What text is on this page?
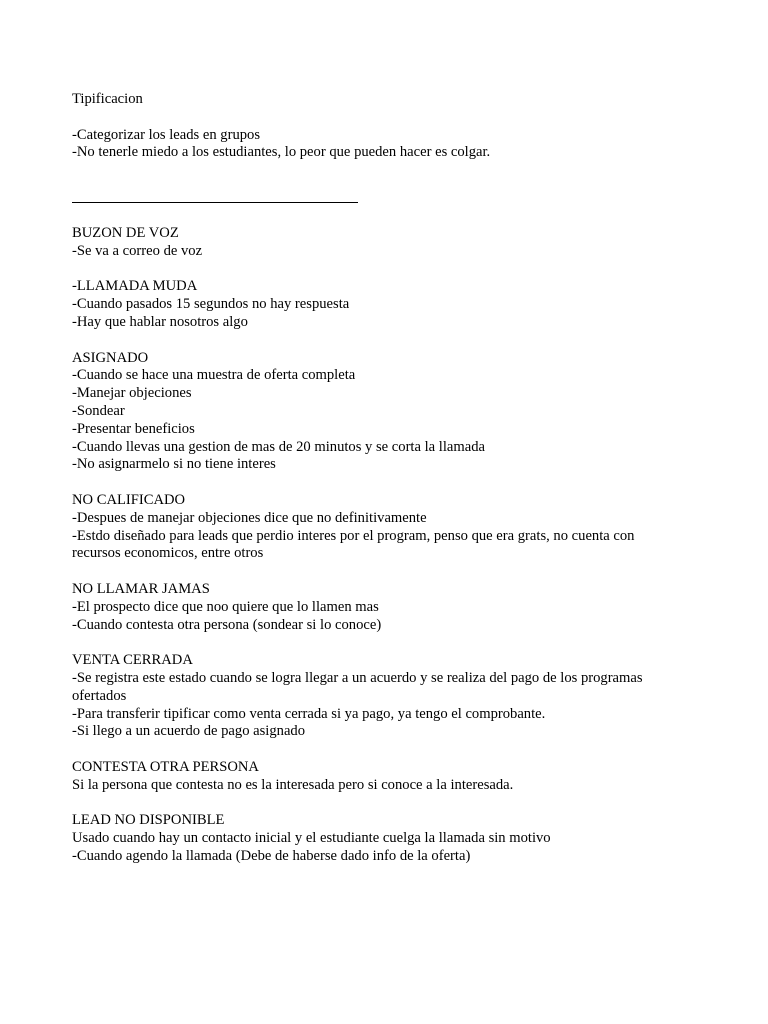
Tipificacion
-Categorizar los leads en grupos
-No tenerle miedo a los estudiantes, lo peor que pueden hacer es colgar.
BUZON DE VOZ
-Se va a correo de voz
-LLAMADA MUDA
-Cuando pasados 15 segundos no hay respuesta
-Hay que hablar nosotros algo
ASIGNADO
-Cuando se hace una muestra de oferta completa
-Manejar objeciones
-Sondear
-Presentar beneficios
-Cuando llevas una gestion de mas de 20 minutos y se corta la llamada
-No asignarmelo si no tiene interes
NO CALIFICADO
-Despues de manejar objeciones dice que no definitivamente
-Estdo diseñado para leads que perdio interes por el program, penso que era grats, no cuenta con recursos economicos, entre otros
NO LLAMAR JAMAS
-El prospecto dice que noo quiere que lo llamen mas
-Cuando contesta otra persona (sondear si lo conoce)
VENTA CERRADA
-Se registra este estado cuando se logra llegar a un acuerdo y se realiza del pago de los programas ofertados
-Para transferir tipificar como venta cerrada si ya pago, ya tengo el comprobante.
-Si llego a un acuerdo de pago asignado
CONTESTA OTRA PERSONA
Si la persona que contesta no es la interesada pero si conoce a la interesada.
LEAD NO DISPONIBLE
Usado cuando hay un contacto inicial y el estudiante cuelga la llamada sin motivo
-Cuando agendo la llamada (Debe de haberse dado info de la oferta)
